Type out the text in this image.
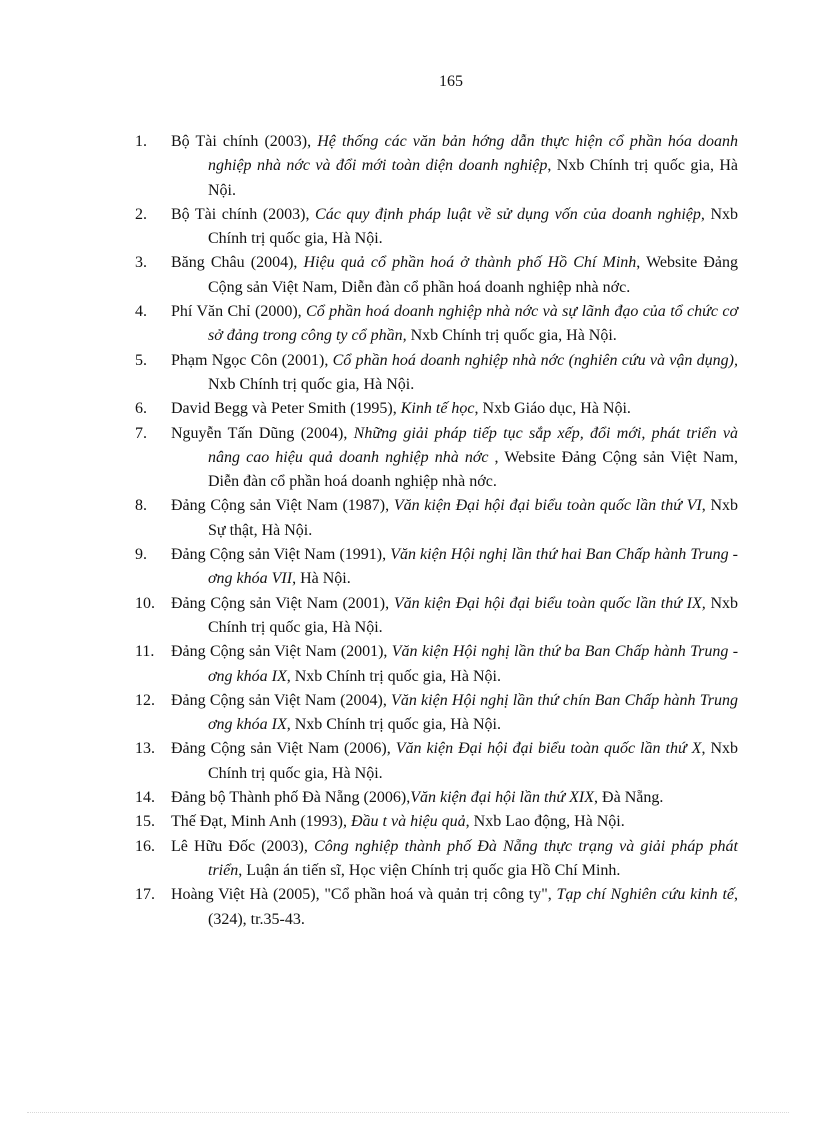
165
1. Bộ Tài chính (2003), Hệ thống các văn bản hớng dẫn thực hiện cổ phần hóa doanh nghiệp nhà nớc và đổi mới toàn diện doanh nghiệp, Nxb Chính trị quốc gia, Hà Nội.
2. Bộ Tài chính (2003), Các quy định pháp luật về sử dụng vốn của doanh nghiệp, Nxb Chính trị quốc gia, Hà Nội.
3. Băng Châu (2004), Hiệu quả cổ phần hoá ở thành phố Hồ Chí Minh, Website Đảng Cộng sản Việt Nam, Diễn đàn cổ phần hoá doanh nghiệp nhà nớc.
4. Phí Văn Chỉ (2000), Cổ phần hoá doanh nghiệp nhà nớc và sự lãnh đạo của tổ chức cơ sở đảng trong công ty cổ phần, Nxb Chính trị quốc gia, Hà Nội.
5. Phạm Ngọc Côn (2001), Cổ phần hoá doanh nghiệp nhà nớc (nghiên cứu và vận dụng), Nxb Chính trị quốc gia, Hà Nội.
6. David Begg và Peter Smith (1995), Kinh tế học, Nxb Giáo dục, Hà Nội.
7. Nguyễn Tấn Dũng (2004), Những giải pháp tiếp tục sắp xếp, đổi mới, phát triển và nâng cao hiệu quả doanh nghiệp nhà nớc , Website Đảng Cộng sản Việt Nam, Diễn đàn cổ phần hoá doanh nghiệp nhà nớc.
8. Đảng Cộng sản Việt Nam (1987), Văn kiện Đại hội đại biểu toàn quốc lần thứ VI, Nxb Sự thật, Hà Nội.
9. Đảng Cộng sản Việt Nam (1991), Văn kiện Hội nghị lần thứ hai Ban Chấp hành Trung ơng khóa VII, Hà Nội.
10. Đảng Cộng sản Việt Nam (2001), Văn kiện Đại hội đại biểu toàn quốc lần thứ IX, Nxb Chính trị quốc gia, Hà Nội.
11. Đảng Cộng sản Việt Nam (2001), Văn kiện Hội nghị lần thứ ba Ban Chấp hành Trung ơng khóa IX, Nxb Chính trị quốc gia, Hà Nội.
12. Đảng Cộng sản Việt Nam (2004), Văn kiện Hội nghị lần thứ chín Ban Chấp hành Trung ơng khóa IX, Nxb Chính trị quốc gia, Hà Nội.
13. Đảng Cộng sản Việt Nam (2006), Văn kiện Đại hội đại biểu toàn quốc lần thứ X, Nxb Chính trị quốc gia, Hà Nội.
14. Đảng bộ Thành phố Đà Nẵng (2006),Văn kiện đại hội lần thứ XIX, Đà Nẵng.
15. Thế Đạt, Minh Anh (1993), Đầu t và hiệu quả, Nxb Lao động, Hà Nội.
16. Lê Hữu Đốc (2003), Công nghiệp thành phố Đà Nẵng thực trạng và giải pháp phát triển, Luận án tiến sĩ, Học viện Chính trị quốc gia Hồ Chí Minh.
17. Hoàng Việt Hà (2005), "Cổ phần hoá và quản trị công ty", Tạp chí Nghiên cứu kinh tế, (324), tr.35-43.
